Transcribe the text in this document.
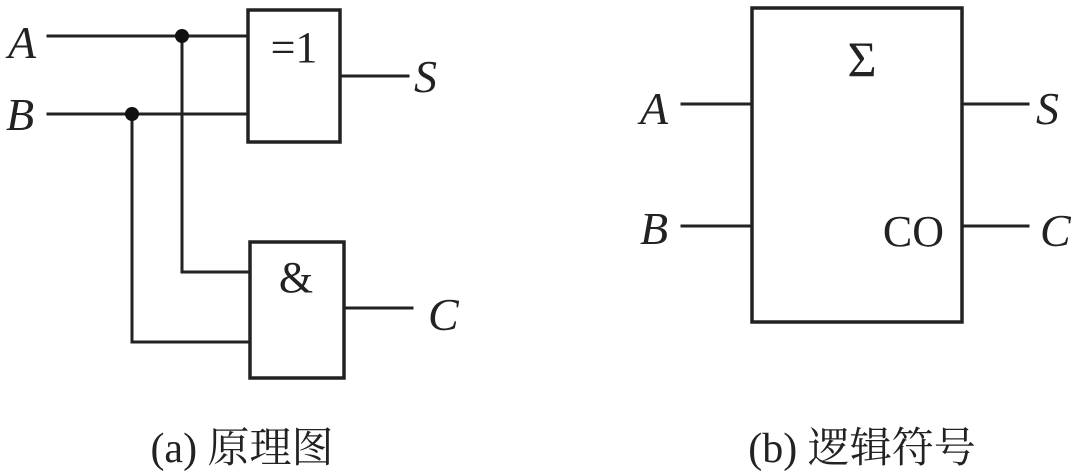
A
B
=1
S
&
C
(a) 原理图
A
B
Σ
CO
S
C
(b) 逻辑符号
